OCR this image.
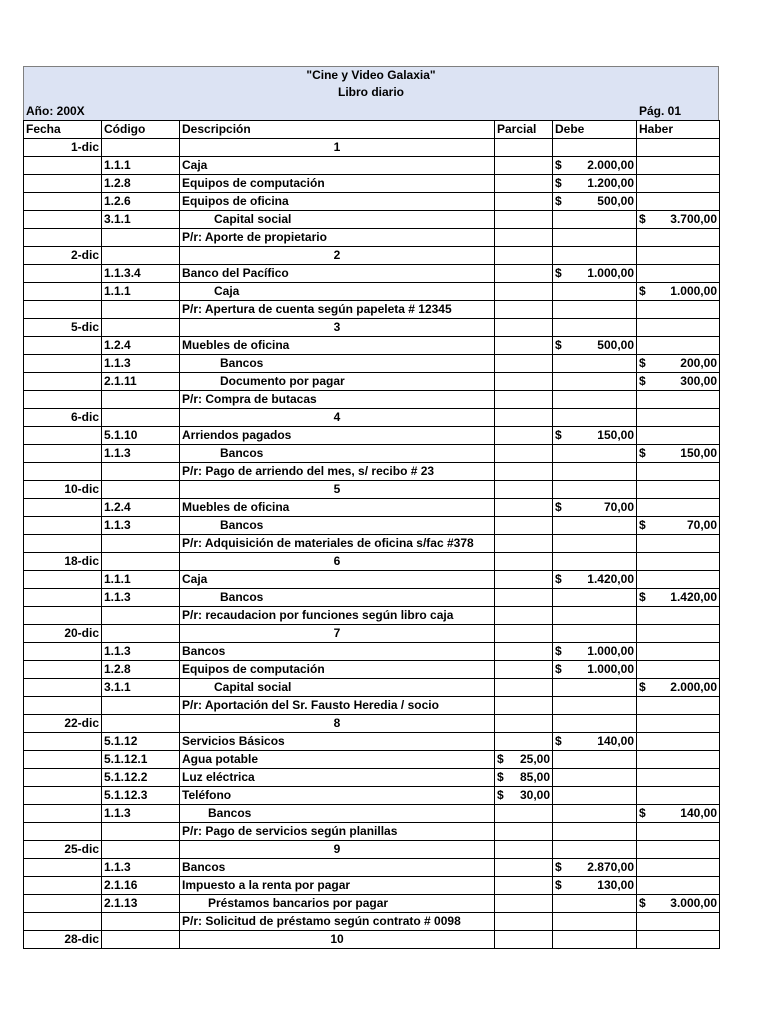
"Cine y Video Galaxia"
Libro diario
Año: 200X	Pág. 01
Fecha	Código	Descripción	Parcial	Debe	Haber
1-dic		1			
	1.1.1	Caja		$ 2.000,00	

	1.2.8	Equipos de computación		$ 1.200,00	

	1.2.6	Equipos de oficina		$ 500,00	

	3.1.1	Capital social			$ 3.700,00

		P/r: Aporte de propietario			
2-dic		2			
	1.1.3.4	Banco del Pacífico		$ 1.000,00	

	1.1.1	Caja			$ 1.000,00

		P/r: Apertura de cuenta según papeleta # 12345			
5-dic		3			
	1.2.4	Muebles de oficina		$ 500,00	

	1.1.3	Bancos			$ 200,00

	2.1.11	Documento por pagar			$ 300,00

		P/r: Compra de butacas			
6-dic		4			
	5.1.10	Arriendos pagados		$ 150,00	

	1.1.3	Bancos			$ 150,00

		P/r: Pago de arriendo del mes, s/ recibo # 23			
10-dic		5			
	1.2.4	Muebles de oficina		$ 70,00	

	1.1.3	Bancos			$ 70,00

		P/r: Adquisición de materiales de oficina s/fac #378			
18-dic		6			
	1.1.1	Caja		$ 1.420,00	

	1.1.3	Bancos			$ 1.420,00

		P/r: recaudacion por funciones según libro caja			
20-dic		7			
	1.1.3	Bancos		$ 1.000,00	

	1.2.8	Equipos de computación		$ 1.000,00	

	3.1.1	Capital social			$ 2.000,00

		P/r: Aportación del Sr. Fausto Heredia / socio			
22-dic		8			
	5.1.12	Servicios Básicos		$ 140,00	

	5.1.12.1	Agua potable	$ 25,00		

	5.1.12.2	Luz eléctrica	$ 85,00		

	5.1.12.3	Teléfono	$ 30,00		

	1.1.3	Bancos			$ 140,00

		P/r: Pago de servicios según planillas			
25-dic		9			
	1.1.3	Bancos		$ 2.870,00	

	2.1.16	Impuesto a la renta por pagar		$ 130,00	

	2.1.13	Préstamos bancarios por pagar			$ 3.000,00

		P/r: Solicitud de préstamo según contrato # 0098			
28-dic		10			
